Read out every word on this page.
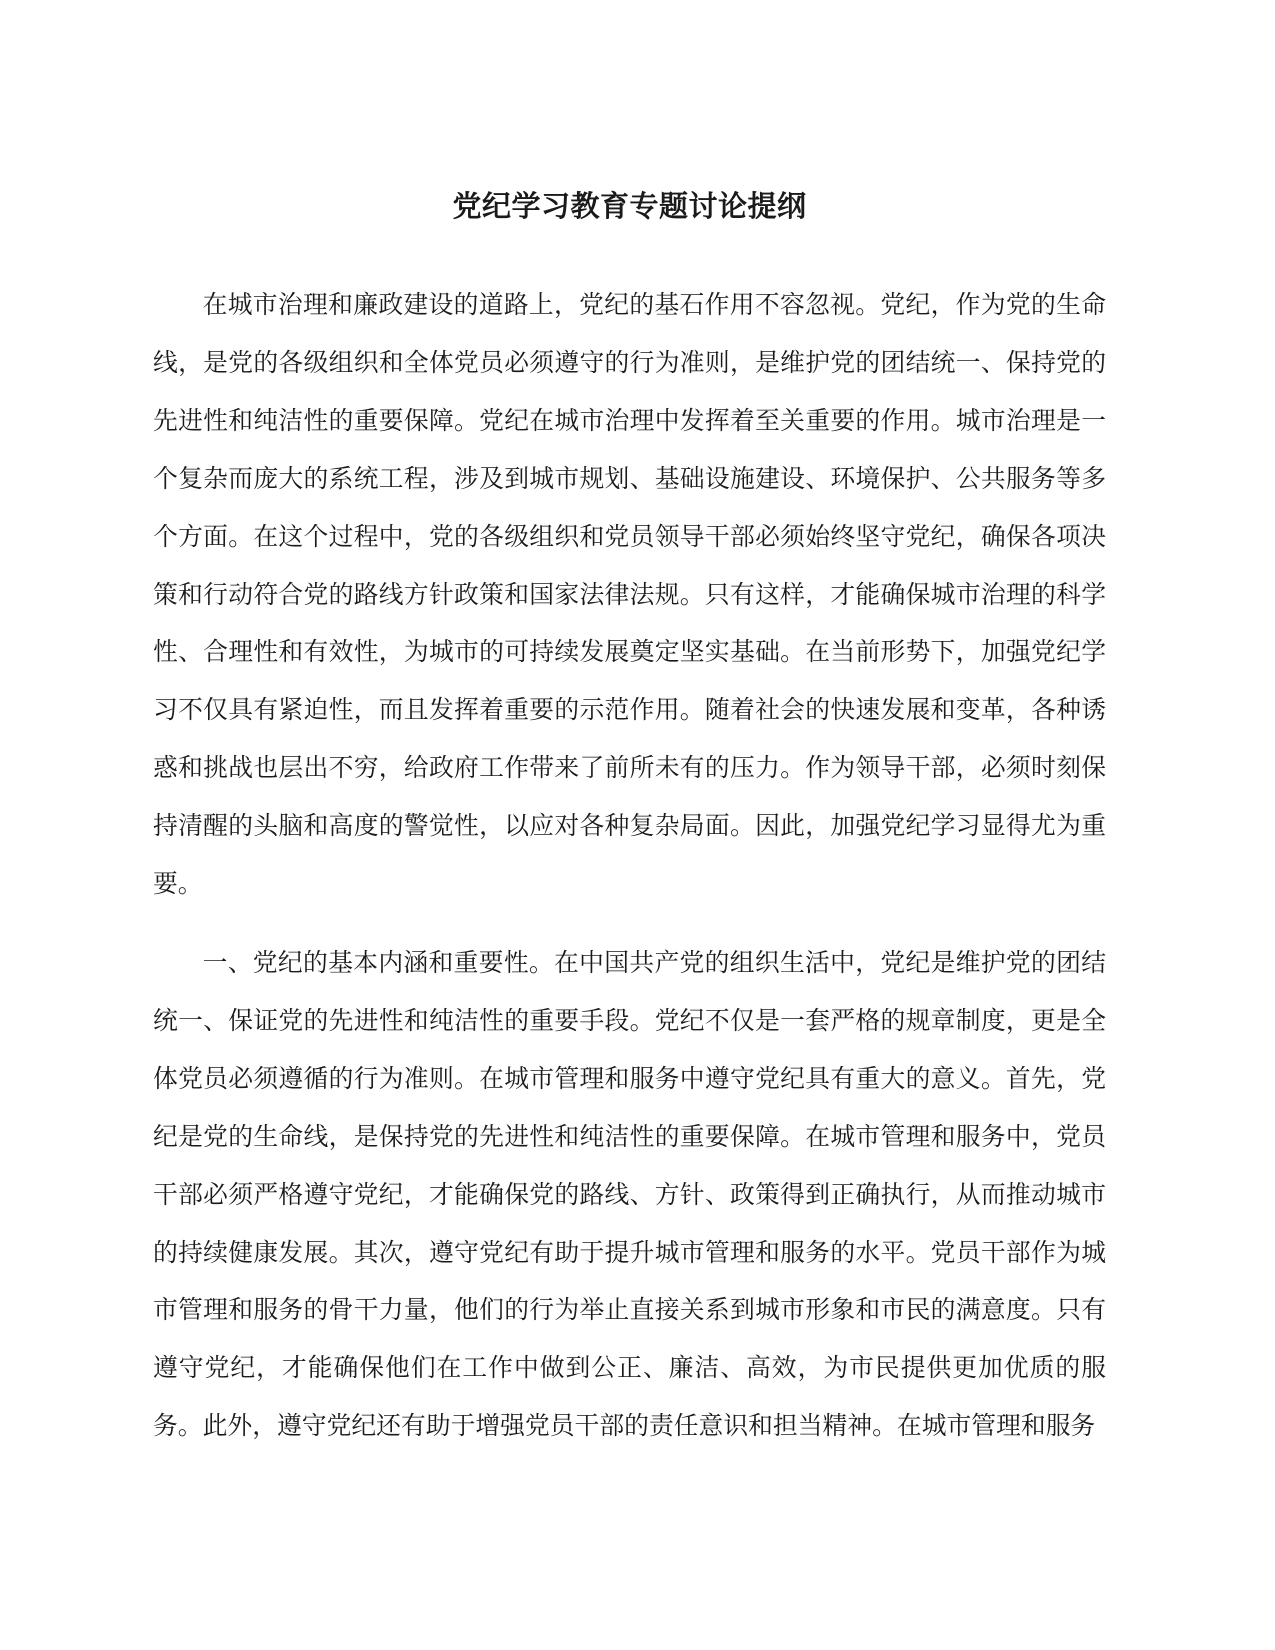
党纪学习教育专题讨论提纲

在城市治理和廉政建设的道路上，党纪的基石作用不容忽视。党纪，作为党的生命线，是党的各级组织和全体党员必须遵守的行为准则，是维护党的团结统一、保持党的先进性和纯洁性的重要保障。党纪在城市治理中发挥着至关重要的作用。城市治理是一个复杂而庞大的系统工程，涉及到城市规划、基础设施建设、环境保护、公共服务等多个方面。在这个过程中，党的各级组织和党员领导干部必须始终坚守党纪，确保各项决策和行动符合党的路线方针政策和国家法律法规。只有这样，才能确保城市治理的科学性、合理性和有效性，为城市的可持续发展奠定坚实基础。在当前形势下，加强党纪学习不仅具有紧迫性，而且发挥着重要的示范作用。随着社会的快速发展和变革，各种诱惑和挑战也层出不穷，给政府工作带来了前所未有的压力。作为领导干部，必须时刻保持清醒的头脑和高度的警觉性，以应对各种复杂局面。因此，加强党纪学习显得尤为重要。

一、党纪的基本内涵和重要性。在中国共产党的组织生活中，党纪是维护党的团结统一、保证党的先进性和纯洁性的重要手段。党纪不仅是一套严格的规章制度，更是全体党员必须遵循的行为准则。在城市管理和服务中遵守党纪具有重大的意义。首先，党纪是党的生命线，是保持党的先进性和纯洁性的重要保障。在城市管理和服务中，党员干部必须严格遵守党纪，才能确保党的路线、方针、政策得到正确执行，从而推动城市的持续健康发展。其次，遵守党纪有助于提升城市管理和服务的水平。党员干部作为城市管理和服务的骨干力量，他们的行为举止直接关系到城市形象和市民的满意度。只有遵守党纪，才能确保他们在工作中做到公正、廉洁、高效，为市民提供更加优质的服务。此外，遵守党纪还有助于增强党员干部的责任意识和担当精神。在城市管理和服务
